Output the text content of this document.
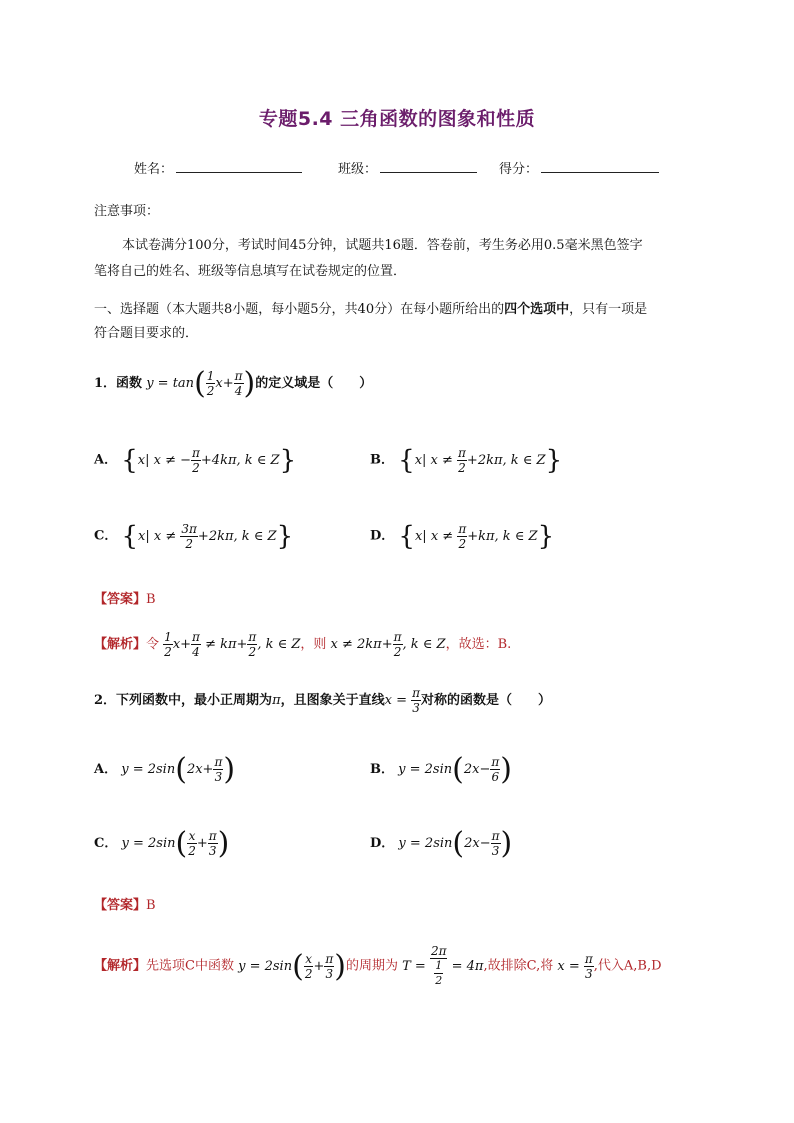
专题5.4 三角函数的图象和性质
姓名：	班级：	得分：
注意事项：
本试卷满分100分，考试时间45分钟，试题共16题．答卷前，考生务必用0.5毫米黑色签字
笔将自己的姓名、班级等信息填写在试卷规定的位置．
一、选择题（本大题共8小题，每小题5分，共40分）在每小题所给出的四个选项中，只有一项是
符合题目要求的．
1．函数 $y = \tan( \frac{1}{2} x+ \frac{\pi}{4}$ )的定义域是（　　）
A． {x| x ≠ − $\frac{\pi}{2} +4k\pi$, k ∈ Z}	B． {x| $x \ne \frac{\pi}{2} +2k\pi$, k ∈ Z}
C． {x| $x \ne \frac{3\pi}{2} +2k\pi$, k ∈ Z}	D． {x| $x \ne \frac{\pi}{2} +k\pi$, k ∈ Z}
【答案】B
【解析】令 $\frac{1}{2} x+ \frac{\pi}{4} \ne k\pi+ \frac{\pi}{2}$ , k ∈ Z，则 $x \ne 2k\pi+ \frac{\pi}{2}$ , k ∈ Z，故选：B.
2．下列函数中，最小正周期为π，且图象关于直线$x = \frac{\pi}{3}$ 对称的函数是（　　）
A． $y = 2\sin(2x+ \frac{\pi}{3}$ )	B． $y = 2\sin(2x- \frac{\pi}{6}$ )
C． $y = 2\sin( \frac{x}{2} + \frac{\pi}{3}$ )	D． $y = 2\sin(2x- \frac{\pi}{3}$ )
【答案】B
【解析】先选项C中函数 $y = 2\sin( \frac{x}{2} + \frac{\pi}{3}$ )的周期为 $T = \frac{2\pi}{\frac{1}{2}} = 4\pi$,故排除C,将 $x = \frac{\pi}{3}$ ,代入A,B,D
